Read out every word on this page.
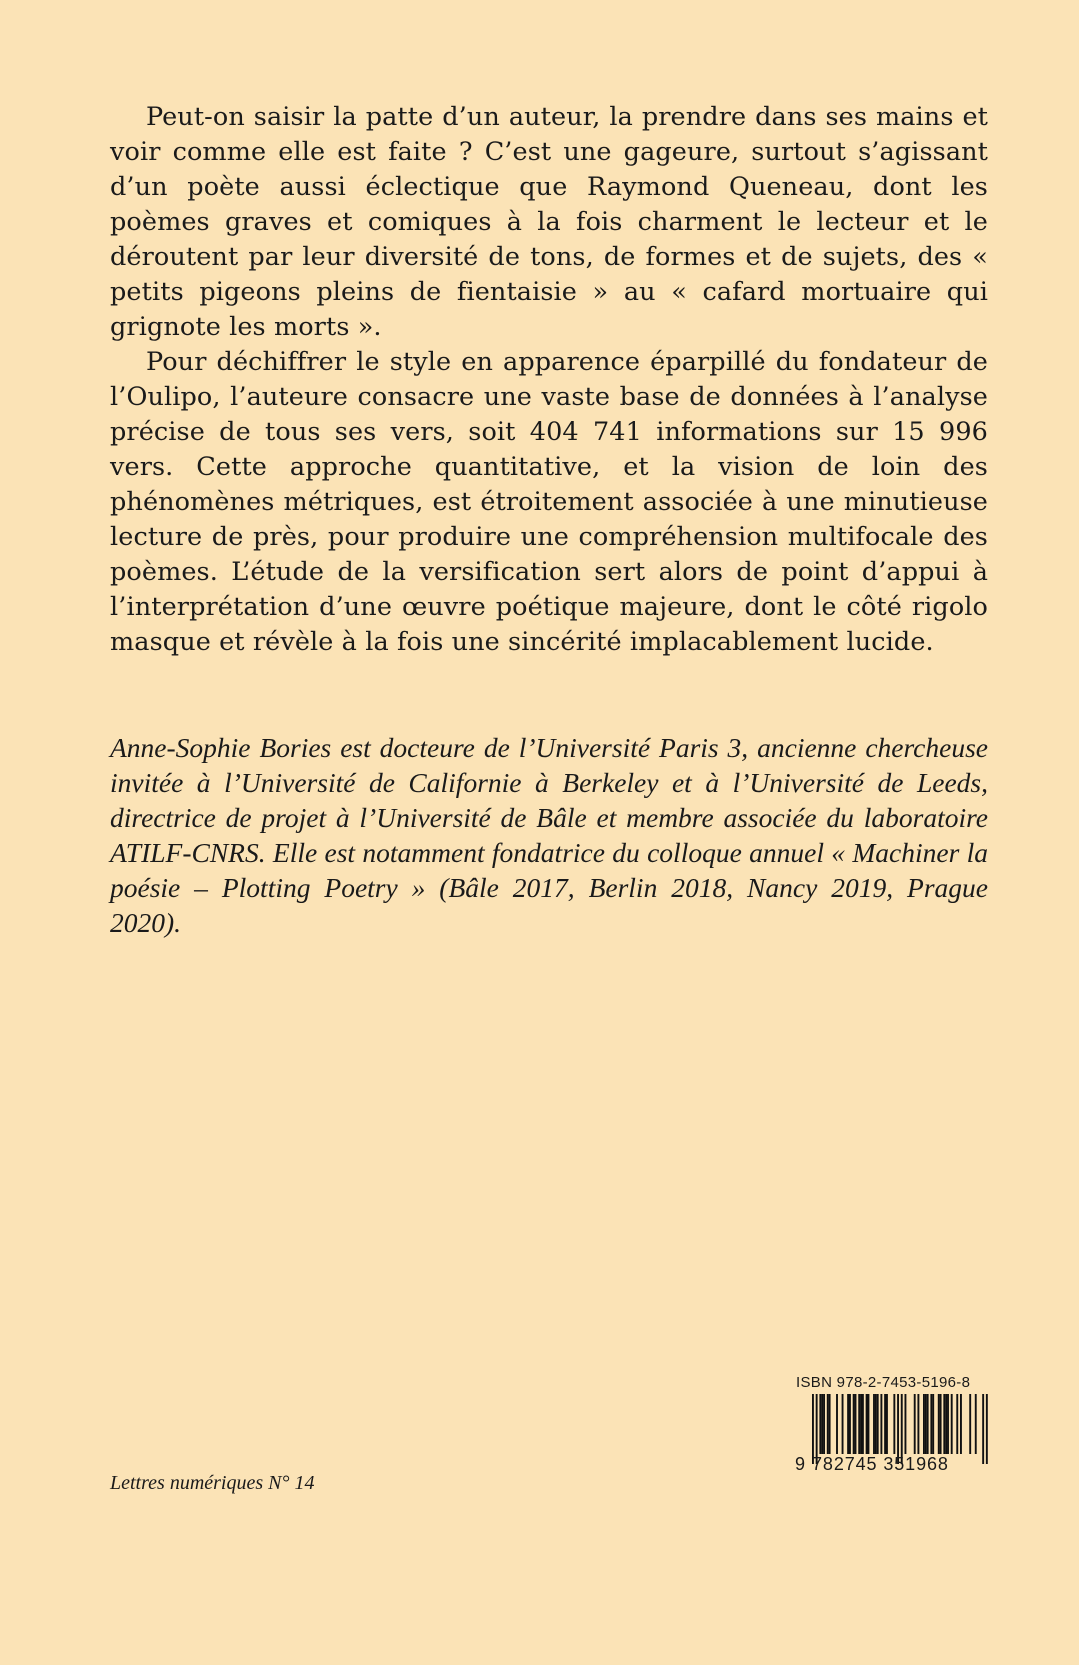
Peut-on saisir la patte d’un auteur, la prendre dans ses mains et voir comme elle est faite ? C’est une gageure, surtout s’agissant d’un poète aussi éclectique que Raymond Queneau, dont les poèmes graves et comiques à la fois charment le lecteur et le déroutent par leur diversité de tons, de formes et de sujets, des « petits pigeons pleins de fientaisie » au « cafard mortuaire qui grignote les morts ».

Pour déchiffrer le style en apparence éparpillé du fondateur de l’Oulipo, l’auteure consacre une vaste base de données à l’analyse précise de tous ses vers, soit 404 741 informations sur 15 996 vers. Cette approche quantitative, et la vision de loin des phénomènes métriques, est étroitement associée à une minutieuse lecture de près, pour produire une compréhension multifocale des poèmes. L’étude de la versification sert alors de point d’appui à l’interprétation d’une œuvre poétique majeure, dont le côté rigolo masque et révèle à la fois une sincérité implacablement lucide.

Anne-Sophie Bories est docteure de l’Université Paris 3, ancienne chercheuse invitée à l’Université de Californie à Berkeley et à l’Université de Leeds, directrice de projet à l’Université de Bâle et membre associée du laboratoire ATILF-CNRS. Elle est notamment fondatrice du colloque annuel « Machiner la poésie – Plotting Poetry » (Bâle 2017, Berlin 2018, Nancy 2019, Prague 2020).

Lettres numériques N° 14
ISBN 978-2-7453-5196-8
9 782745 351968
